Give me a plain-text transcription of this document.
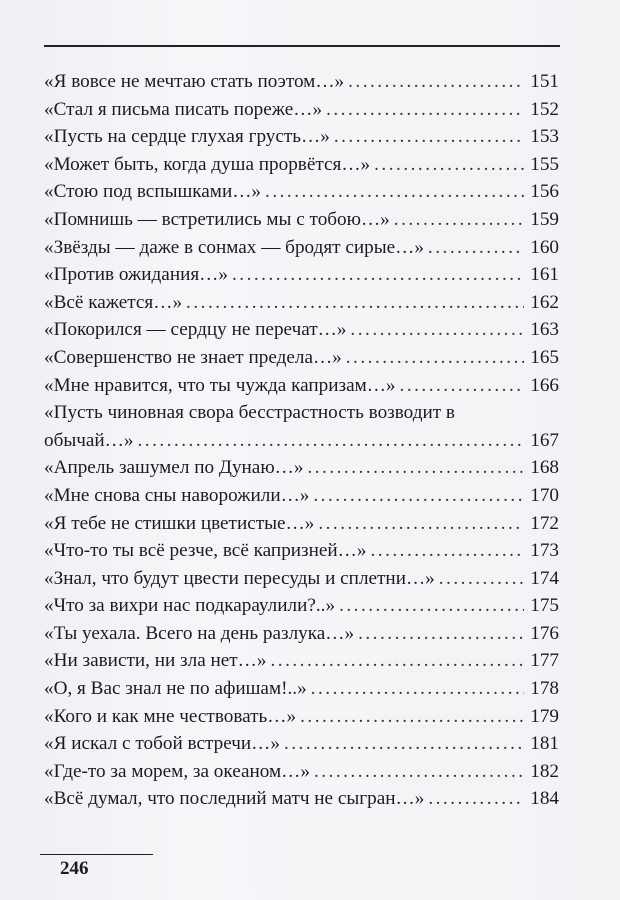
«Я вовсе не мечтаю стать поэтом…» .....	151
«Стал я письма писать пореже…» .....	152
«Пусть на сердце глухая грусть…» .....	153
«Может быть, когда душа прорвётся…» .....	155
«Стою под вспышками…» .....	156
«Помнишь — встретились мы с тобою…» .....	159
«Звёзды — даже в сонмах — бродят сирые…» .....	160
«Против ожидания…» .....	161
«Всё кажется…» .....	162
«Покорился — сердцу не перечат…» .....	163
«Совершенство не знает предела…» .....	165
«Мне нравится, что ты чужда капризам…» .....	166
«Пусть чиновная свора бесстрастность возводит в
обычай…» .....	167
«Апрель зашумел по Дунаю…» .....	168
«Мне снова сны наворожили…» .....	170
«Я тебе не стишки цветистые…» .....	172
«Что-то ты всё резче, всё капризней…» .....	173
«Знал, что будут цвести пересуды и сплетни…» .....	174
«Что за вихри нас подкараулили?..» .....	175
«Ты уехала. Всего на день разлука…» .....	176
«Ни зависти, ни зла нет…» .....	177
«О, я Вас знал не по афишам!..» .....	178
«Кого и как мне чествовать…» .....	179
«Я искал с тобой встречи…» .....	181
«Где-то за морем, за океаном…» .....	182
«Всё думал, что последний матч не сыгран…» .....	184
246
